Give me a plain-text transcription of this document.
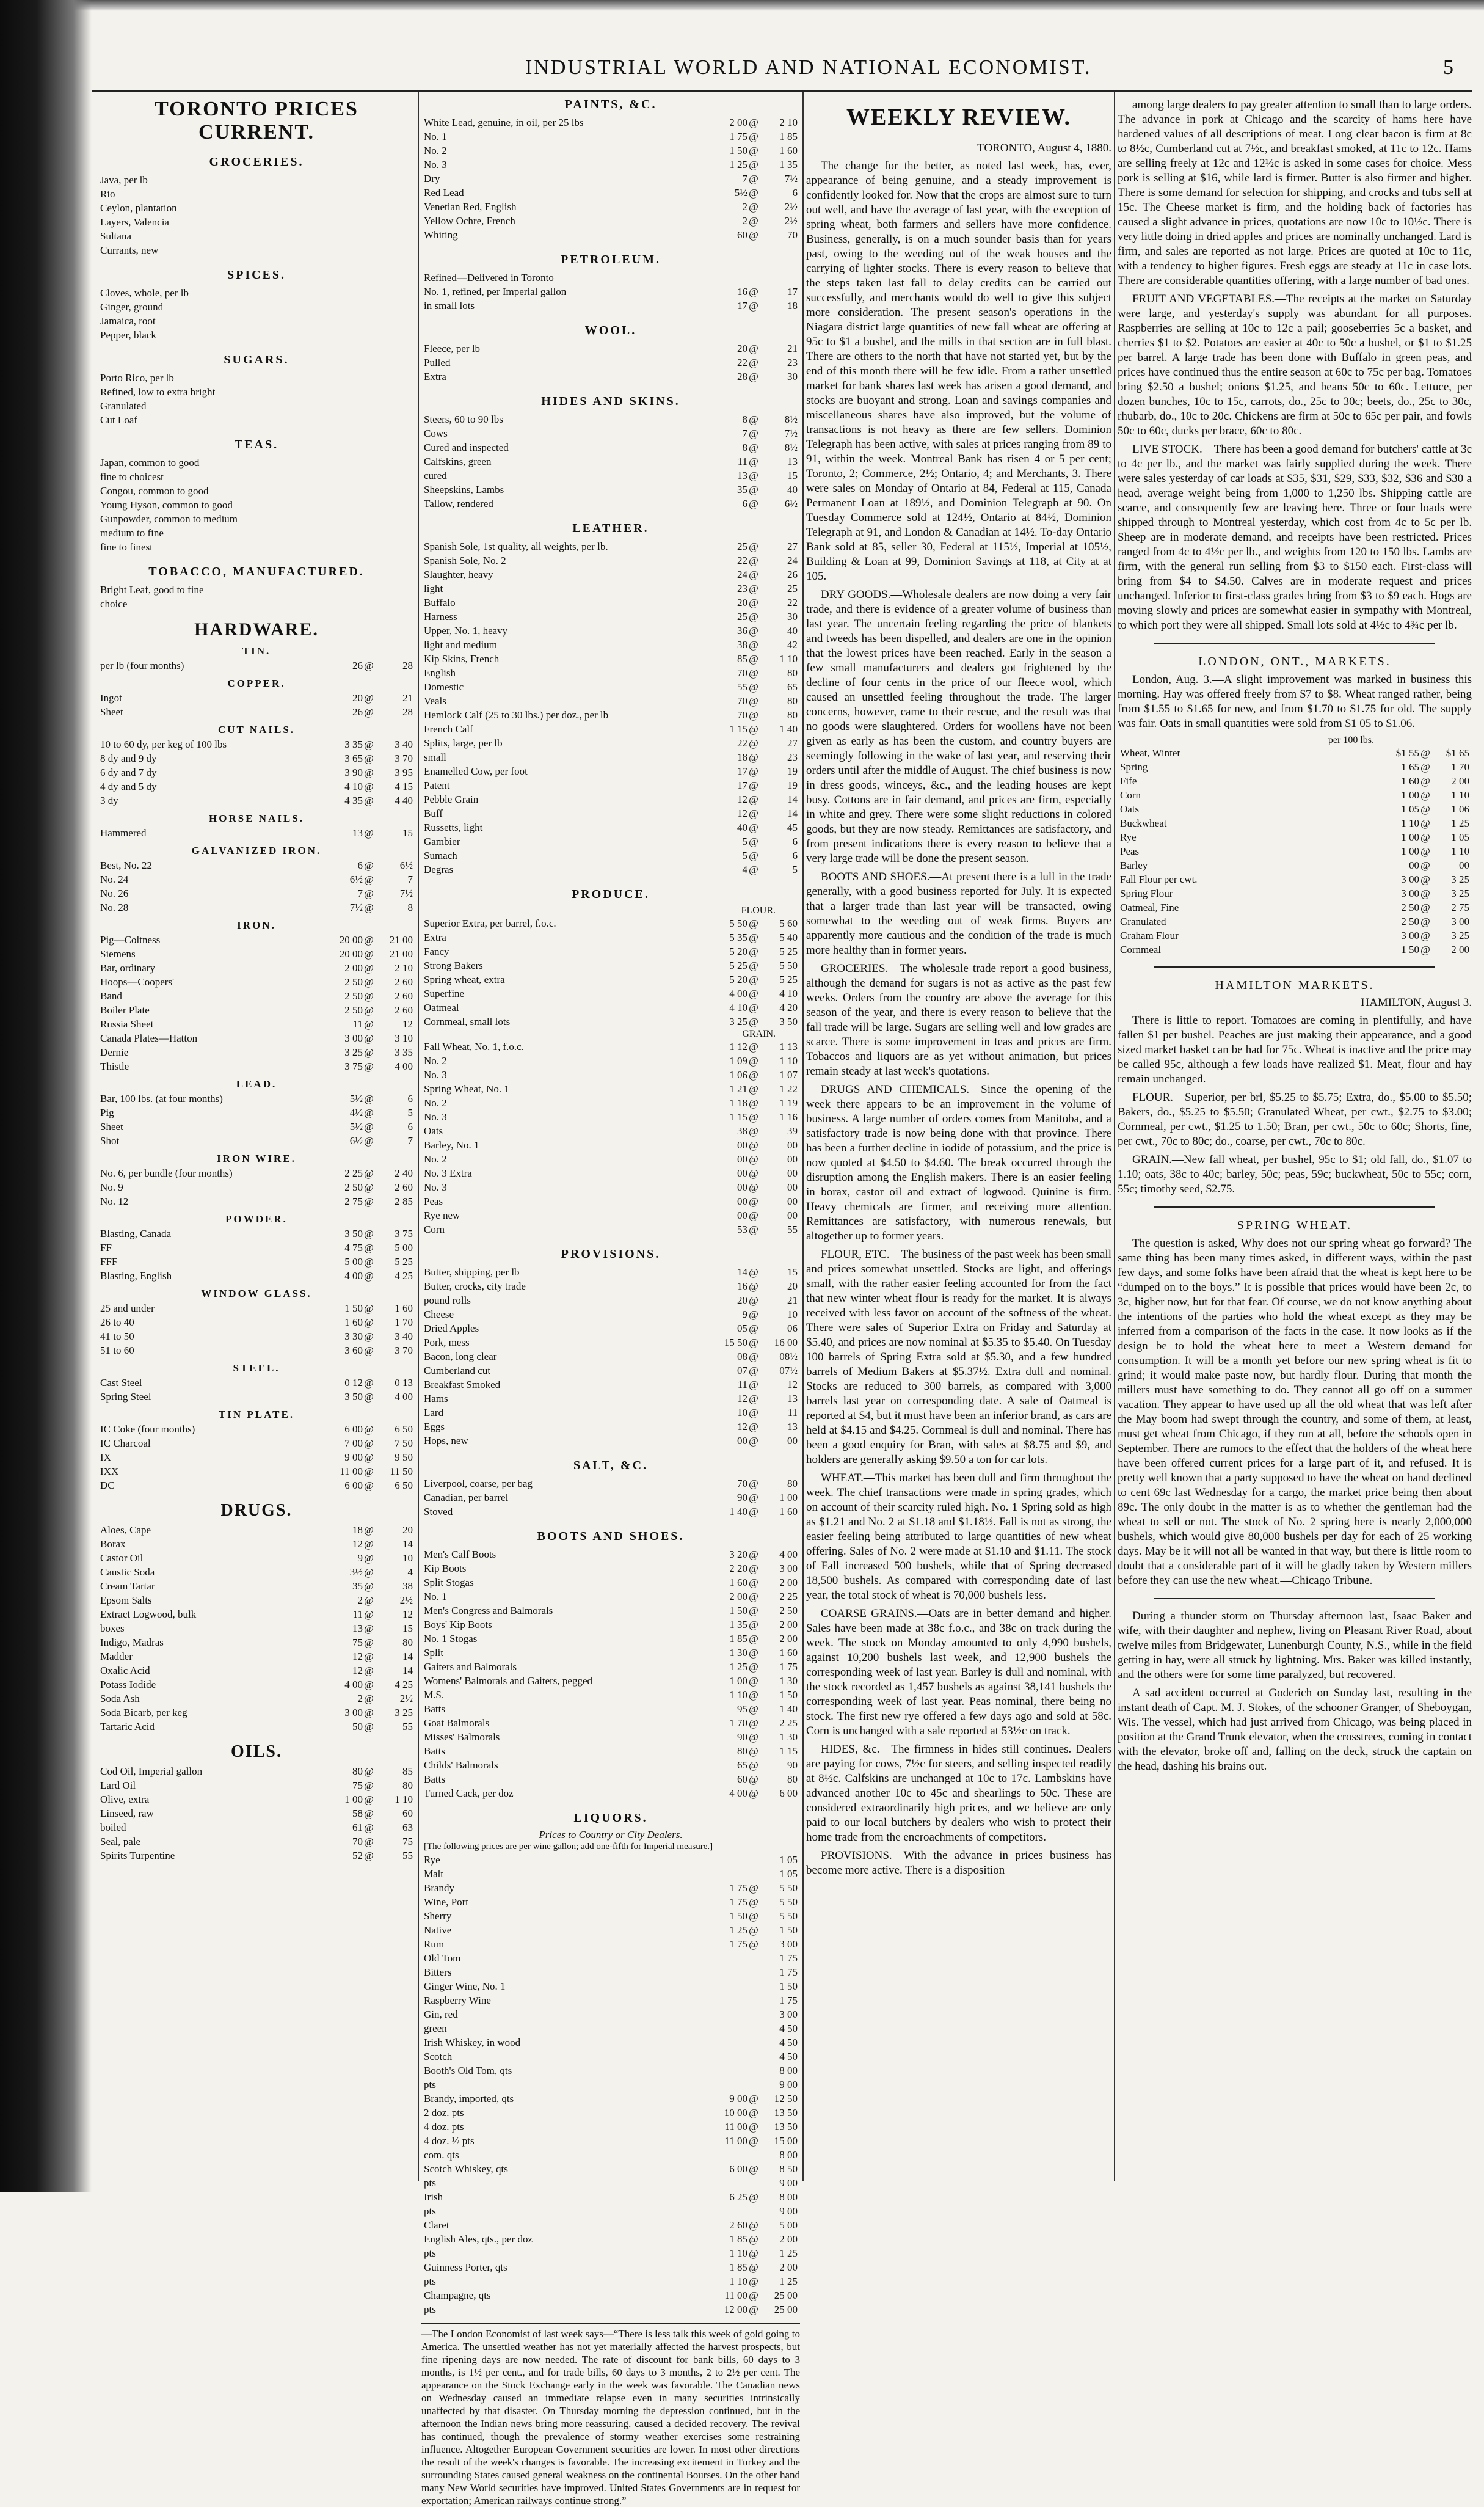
INDUSTRIAL WORLD AND NATIONAL ECONOMIST.	5
TORONTO PRICES CURRENT.
GROCERIES.
Java, per lb
Rio
Ceylon, plantation
Layers, Valencia
Sultana
Currants, new
SPICES.
Cloves, whole, per lb
Ginger, ground
Jamaica, root
Pepper, black
SUGARS.
Porto Rico, per lb
Refined, low to extra bright
Granulated
Cut Loaf
TEAS.
Japan, common to good
fine to choicest
Congou, common to good
Young Hyson, common to good
Gunpowder, common to medium
medium to fine
fine to finest
TOBACCO, MANUFACTURED.
Bright Leaf, good to fine
choice
HARDWARE.
TIN.
per lb (four months)	26 @	28
COPPER.
Ingot	20 @	21
Sheet	26 @	28
CUT NAILS.
10 to 60 dy, per keg of 100 lbs	3 35 @	3 40
8 dy and 9 dy	3 65 @	3 70
6 dy and 7 dy	3 90 @	3 95
4 dy and 5 dy	4 10 @	4 15
3 dy	4 35 @	4 40
HORSE NAILS.
Hammered	13 @	15
GALVANIZED IRON.
Best, No. 22	6 @	6½
No. 24	6½ @	7
No. 26	7 @	7½
No. 28	7½ @	8
IRON.
Pig—Coltness	20 00 @	21 00
Siemens	20 00 @	21 00
Bar, ordinary	2 00 @	2 10
Hoops—Coopers'	2 50 @	2 60
Band	2 50 @	2 60
Boiler Plate	2 50 @	2 60
Russia Sheet	11 @	12
Canada Plates—Hatton	3 00 @	3 10
Dernie	3 25 @	3 35
Thistle	3 75 @	4 00
LEAD.
Bar, 100 lbs. (at four months)	5½ @	6
Pig	4½ @	5
Sheet	5½ @	6
Shot	6½ @	7
IRON WIRE.
No. 6, per bundle (four months)	2 25 @	2 40
No. 9	2 50 @	2 60
No. 12	2 75 @	2 85
POWDER.
Blasting, Canada	3 50 @	3 75
FF	4 75 @	5 00
FFF	5 00 @	5 25
Blasting, English	4 00 @	4 25
WINDOW GLASS.
25 and under	1 50 @	1 60
26 to 40	1 60 @	1 70
41 to 50	3 30 @	3 40
51 to 60	3 60 @	3 70
STEEL.
Cast Steel	0 12 @	0 13
Spring Steel	3 50 @	4 00
TIN PLATE.
IC Coke (four months)	6 00 @	6 50
IC Charcoal	7 00 @	7 50
IX	9 00 @	9 50
IXX	11 00 @	11 50
DC	6 00 @	6 50
DRUGS.
Aloes, Cape	18 @	20
Borax	12 @	14
Castor Oil	9 @	10
Caustic Soda	3½ @	4
Cream Tartar	35 @	38
Epsom Salts	2 @	2½
Extract Logwood, bulk	11 @	12
boxes	13 @	15
Indigo, Madras	75 @	80
Madder	12 @	14
Oxalic Acid	12 @	14
Potass Iodide	4 00 @	4 25
Soda Ash	2 @	2½
Soda Bicarb, per keg	3 00 @	3 25
Tartaric Acid	50 @	55
OILS.
Cod Oil, Imperial gallon	80 @	85
Lard Oil	75 @	80
Olive, extra	1 00 @	1 10
Linseed, raw	58 @	60
boiled	61 @	63
Seal, pale	70 @	75
Spirits Turpentine	52 @	55
PAINTS, &C.
White Lead, genuine, in oil, per 25 lbs	2 00 @	2 10
No. 1	1 75 @	1 85
No. 2	1 50 @	1 60
No. 3	1 25 @	1 35
Dry	7 @	7½
Red Lead	5½ @	6
Venetian Red, English	2 @	2½
Yellow Ochre, French	2 @	2½
Whiting	60 @	70
PETROLEUM.
Refined—Delivered in Toronto
No. 1, refined, per Imperial gallon	16 @	17
in small lots	17 @	18
WOOL.
Fleece, per lb	20 @	21
Pulled	22 @	23
Extra	28 @	30
HIDES AND SKINS.
Steers, 60 to 90 lbs	8 @	8½
Cows	7 @	7½
Cured and inspected	8 @	8½
Calfskins, green	11 @	13
cured	13 @	15
Sheepskins, Lambs	35 @	40
Tallow, rendered	6 @	6½
LEATHER.
Spanish Sole, 1st quality, all weights, per lb.	25 @	27
Spanish Sole, No. 2	22 @	24
Slaughter, heavy	24 @	26
light	23 @	25
Buffalo	20 @	22
Harness	25 @	30
Upper, No. 1, heavy	36 @	40
light and medium	38 @	42
Kip Skins, French	85 @	1 10
English	70 @	80
Domestic	55 @	65
Veals	70 @	80
Hemlock Calf (25 to 30 lbs.) per doz., per lb	70 @	80
French Calf	1 15 @	1 40
Splits, large, per lb	22 @	27
small	18 @	23
Enamelled Cow, per foot	17 @	19
Patent	17 @	19
Pebble Grain	12 @	14
Buff	12 @	14
Russetts, light	40 @	45
Gambier	5 @	6
Sumach	5 @	6
Degras	4 @	5
PRODUCE.
FLOUR.
Superior Extra, per barrel, f.o.c.	5 50 @	5 60
Extra	5 35 @	5 40
Fancy	5 20 @	5 25
Strong Bakers	5 25 @	5 50
Spring wheat, extra	5 20 @	5 25
Superfine	4 00 @	4 10
Oatmeal	4 10 @	4 20
Cornmeal, small lots	3 25 @	3 50
GRAIN.
Fall Wheat, No. 1, f.o.c.	1 12 @	1 13
No. 2	1 09 @	1 10
No. 3	1 06 @	1 07
Spring Wheat, No. 1	1 21 @	1 22
No. 2	1 18 @	1 19
No. 3	1 15 @	1 16
Oats	38 @	39
Barley, No. 1	00 @	00
No. 2	00 @	00
No. 3 Extra	00 @	00
No. 3	00 @	00
Peas	00 @	00
Rye new	00 @	00
Corn	53 @	55
PROVISIONS.
Butter, shipping, per lb	14 @	15
Butter, crocks, city trade	16 @	20
pound rolls	20 @	21
Cheese	9 @	10
Dried Apples	05 @	06
Pork, mess	15 50 @	16 00
Bacon, long clear	08 @	08½
Cumberland cut	07 @	07½
Breakfast Smoked	11 @	12
Hams	12 @	13
Lard	10 @	11
Eggs	12 @	13
Hops, new	00 @	00
SALT, &C.
Liverpool, coarse, per bag	70 @	80
Canadian, per barrel	90 @	1 00
Stoved	1 40 @	1 60
BOOTS AND SHOES.
Men's Calf Boots	3 20 @	4 00
Kip Boots	2 20 @	3 00
Split Stogas	1 60 @	2 00
No. 1	2 00 @	2 25
Men's Congress and Balmorals	1 50 @	2 50
Boys' Kip Boots	1 35 @	2 00
No. 1 Stogas	1 85 @	2 00
Split	1 30 @	1 60
Gaiters and Balmorals	1 25 @	1 75
Womens' Balmorals and Gaiters, pegged	1 00 @	1 30
M.S.	1 10 @	1 50
Batts	95 @	1 40
Goat Balmorals	1 70 @	2 25
Misses' Balmorals	90 @	1 30
Batts	80 @	1 15
Childs' Balmorals	65 @	90
Batts	60 @	80
Turned Cack, per doz	4 00 @	6 00
LIQUORS.
Prices to Country or City Dealers.
[The following prices are per wine gallon; add one-fifth for Imperial measure.]
Rye	1 05
Malt	1 05
Brandy	1 75 @	5 50
Wine, Port	1 75 @	5 50
Sherry	1 50 @	5 50
Native	1 25 @	1 50
Rum	1 75 @	3 00
Old Tom	1 75
Bitters	1 75
Ginger Wine, No. 1	1 50
Raspberry Wine	1 75
Gin, red	3 00
green	4 50
Irish Whiskey, in wood	4 50
Scotch	4 50
Booth's Old Tom, qts	8 00
pts	9 00
Brandy, imported, qts	9 00 @	12 50
2 doz. pts	10 00 @	13 50
4 doz. pts	11 00 @	13 50
4 doz. ½ pts	11 00 @	15 00
com. qts	8 00
Scotch Whiskey, qts	6 00 @	8 50
pts	9 00
Irish	6 25 @	8 00
pts	9 00
Claret	2 60 @	5 00
English Ales, qts., per doz	1 85 @	2 00
pts	1 10 @	1 25
Guinness Porter, qts	1 85 @	2 00
pts	1 10 @	1 25
Champagne, qts	11 00 @	25 00
pts	12 00 @	25 00
—The London Economist of last week says—“There is less talk this week of gold going to America. The unsettled weather has not yet materially affected the harvest prospects, but fine ripening days are now needed. The rate of discount for bank bills, 60 days to 3 months, is 1½ per cent., and for trade bills, 60 days to 3 months, 2 to 2½ per cent. The appearance on the Stock Exchange early in the week was favorable. The Canadian news on Wednesday caused an immediate relapse even in many securities intrinsically unaffected by that disaster. On Thursday morning the depression continued, but in the afternoon the Indian news bring more reassuring, caused a decided recovery. The revival has continued, though the prevalence of stormy weather exercises some restraining influence. Altogether European Government securities are lower. In most other directions the result of the week's changes is favorable. The increasing excitement in Turkey and the surrounding States caused general weakness on the continental Bourses. On the other hand many New World securities have improved. United States Governments are in request for exportation; American railways continue strong.”
WEEKLY REVIEW.
TORONTO, August 4, 1880.

The change for the better, as noted last week, has, ever, appearance of being genuine, and a steady improvement is confidently looked for. Now that the crops are almost sure to turn out well, and have the average of last year, with the exception of spring wheat, both farmers and sellers have more confidence. Business, generally, is on a much sounder basis than for years past, owing to the weeding out of the weak houses and the carrying of lighter stocks. There is every reason to believe that the steps taken last fall to delay credits can be carried out successfully, and merchants would do well to give this subject more consideration. The present season's operations in the Niagara district large quantities of new fall wheat are offering at 95c to $1 a bushel, and the mills in that section are in full blast. There are others to the north that have not started yet, but by the end of this month there will be few idle. From a rather unsettled market for bank shares last week has arisen a good demand, and stocks are buoyant and strong. Loan and savings companies and miscellaneous shares have also improved, but the volume of transactions is not heavy as there are few sellers. Dominion Telegraph has been active, with sales at prices ranging from 89 to 91, within the week. Montreal Bank has risen 4 or 5 per cent; Toronto, 2; Commerce, 2½; Ontario, 4; and Merchants, 3. There were sales on Monday of Ontario at 84, Federal at 115, Canada Permanent Loan at 189½, and Dominion Telegraph at 90. On Tuesday Commerce sold at 124½, Ontario at 84½, Dominion Telegraph at 91, and London & Canadian at 14½. To-day Ontario Bank sold at 85, seller 30, Federal at 115½, Imperial at 105½, Building & Loan at 99, Dominion Savings at 118, at City at at 105.

DRY GOODS.—Wholesale dealers are now doing a very fair trade, and there is evidence of a greater volume of business than last year. The uncertain feeling regarding the price of blankets and tweeds has been dispelled, and dealers are one in the opinion that the lowest prices have been reached. Early in the season a few small manufacturers and dealers got frightened by the decline of four cents in the price of our fleece wool, which caused an unsettled feeling throughout the trade. The larger concerns, however, came to their rescue, and the result was that no goods were slaughtered. Orders for woollens have not been given as early as has been the custom, and country buyers are seemingly following in the wake of last year, and reserving their orders until after the middle of August. The chief business is now in dress goods, winceys, &c., and the leading houses are kept busy. Cottons are in fair demand, and prices are firm, especially in white and grey. There were some slight reductions in colored goods, but they are now steady. Remittances are satisfactory, and from present indications there is every reason to believe that a very large trade will be done the present season.

BOOTS AND SHOES.—At present there is a lull in the trade generally, with a good business reported for July. It is expected that a larger trade than last year will be transacted, owing somewhat to the weeding out of weak firms. Buyers are apparently more cautious and the condition of the trade is much more healthy than in former years.

GROCERIES.—The wholesale trade report a good business, although the demand for sugars is not as active as the past few weeks. Orders from the country are above the average for this season of the year, and there is every reason to believe that the fall trade will be large. Sugars are selling well and low grades are scarce. There is some improvement in teas and prices are firm. Tobaccos and liquors are as yet without animation, but prices remain steady at last week's quotations.

DRUGS AND CHEMICALS.—Since the opening of the week there appears to be an improvement in the volume of business. A large number of orders comes from Manitoba, and a satisfactory trade is now being done with that province. There has been a further decline in iodide of potassium, and the price is now quoted at $4.50 to $4.60. The break occurred through the disruption among the English makers. There is an easier feeling in borax, castor oil and extract of logwood. Quinine is firm. Heavy chemicals are firmer, and receiving more attention. Remittances are satisfactory, with numerous renewals, but altogether up to former years.

FLOUR, ETC.—The business of the past week has been small and prices somewhat unsettled. Stocks are light, and offerings small, with the rather easier feeling accounted for from the fact that new winter wheat flour is ready for the market. It is always received with less favor on account of the softness of the wheat. There were sales of Superior Extra on Friday and Saturday at $5.40, and prices are now nominal at $5.35 to $5.40. On Tuesday 100 barrels of Spring Extra sold at $5.30, and a few hundred barrels of Medium Bakers at $5.37½. Extra dull and nominal. Stocks are reduced to 300 barrels, as compared with 3,000 barrels last year on corresponding date. A sale of Oatmeal is reported at $4, but it must have been an inferior brand, as cars are held at $4.15 and $4.25. Cornmeal is dull and nominal. There has been a good enquiry for Bran, with sales at $8.75 and $9, and holders are generally asking $9.50 a ton for car lots.

WHEAT.—This market has been dull and firm throughout the week. The chief transactions were made in spring grades, which on account of their scarcity ruled high. No. 1 Spring sold as high as $1.21 and No. 2 at $1.18 and $1.18½. Fall is not as strong, the easier feeling being attributed to large quantities of new wheat offering. Sales of No. 2 were made at $1.10 and $1.11. The stock of Fall increased 500 bushels, while that of Spring decreased 18,500 bushels. As compared with corresponding date of last year, the total stock of wheat is 70,000 bushels less.

COARSE GRAINS.—Oats are in better demand and higher. Sales have been made at 38c f.o.c., and 38c on track during the week. The stock on Monday amounted to only 4,990 bushels, against 10,200 bushels last week, and 12,900 bushels the corresponding week of last year. Barley is dull and nominal, with the stock recorded as 1,457 bushels as against 38,141 bushels the corresponding week of last year. Peas nominal, there being no stock. The first new rye offered a few days ago and sold at 58c. Corn is unchanged with a sale reported at 53½c on track.

HIDES, &c.—The firmness in hides still continues. Dealers are paying for cows, 7½c for steers, and selling inspected readily at 8½c. Calfskins are unchanged at 10c to 17c. Lambskins have advanced another 10c to 45c and shearlings to 50c. These are considered extraordinarily high prices, and we believe are only paid to our local butchers by dealers who wish to protect their home trade from the encroachments of competitors.

PROVISIONS.—With the advance in prices business has become more active. There is a disposition

among large dealers to pay greater attention to small than to large orders. The advance in pork at Chicago and the scarcity of hams here have hardened values of all descriptions of meat. Long clear bacon is firm at 8c to 8½c, Cumberland cut at 7½c, and breakfast smoked, at 11c to 12c. Hams are selling freely at 12c and 12½c is asked in some cases for choice. Mess pork is selling at $16, while lard is firmer. Butter is also firmer and higher. There is some demand for selection for shipping, and crocks and tubs sell at 15c. The Cheese market is firm, and the holding back of factories has caused a slight advance in prices, quotations are now 10c to 10½c. There is very little doing in dried apples and prices are nominally unchanged. Lard is firm, and sales are reported as not large. Prices are quoted at 10c to 11c, with a tendency to higher figures. Fresh eggs are steady at 11c in case lots. There are considerable quantities offering, with a large number of bad ones.

FRUIT AND VEGETABLES.—The receipts at the market on Saturday were large, and yesterday's supply was abundant for all purposes. Raspberries are selling at 10c to 12c a pail; gooseberries 5c a basket, and cherries $1 to $2. Potatoes are easier at 40c to 50c a bushel, or $1 to $1.25 per barrel. A large trade has been done with Buffalo in green peas, and prices have continued thus the entire season at 60c to 75c per bag. Tomatoes bring $2.50 a bushel; onions $1.25, and beans 50c to 60c. Lettuce, per dozen bunches, 10c to 15c, carrots, do., 25c to 30c; beets, do., 25c to 30c, rhubarb, do., 10c to 20c. Chickens are firm at 50c to 65c per pair, and fowls 50c to 60c, ducks per brace, 60c to 80c.

LIVE STOCK.—There has been a good demand for butchers' cattle at 3c to 4c per lb., and the market was fairly supplied during the week. There were sales yesterday of car loads at $35, $31, $29, $33, $32, $36 and $30 a head, average weight being from 1,000 to 1,250 lbs. Shipping cattle are scarce, and consequently few are leaving here. Three or four loads were shipped through to Montreal yesterday, which cost from 4c to 5c per lb. Sheep are in moderate demand, and receipts have been restricted. Prices ranged from 4c to 4½c per lb., and weights from 120 to 150 lbs. Lambs are firm, with the general run selling from $3 to $150 each. First-class will bring from $4 to $4.50. Calves are in moderate request and prices unchanged. Inferior to first-class grades bring from $3 to $9 each. Hogs are moving slowly and prices are somewhat easier in sympathy with Montreal, to which port they were all shipped. Small lots sold at 4½c to 4¾c per lb.

LONDON, ONT., MARKETS.

London, Aug. 3.—A slight improvement was marked in business this morning. Hay was offered freely from $7 to $8. Wheat ranged rather, being from $1.55 to $1.65 for new, and from $1.70 to $1.75 for old. The supply was fair. Oats in small quantities were sold from $1 05 to $1.06.

per 100 lbs.
Wheat, Winter	$1 55 @	$1 65
Spring	1 65 @	1 70
Fife	1 60 @	2 00
Corn	1 00 @	1 10
Oats	1 05 @	1 06
Buckwheat	1 10 @	1 25
Rye	1 00 @	1 05
Peas	1 00 @	1 10
Barley	00 @	00
Fall Flour per cwt.	3 00 @	3 25
Spring Flour	3 00 @	3 25
Oatmeal, Fine	2 50 @	2 75
Granulated	2 50 @	3 00
Graham Flour	3 00 @	3 25
Cornmeal	1 50 @	2 00
HAMILTON MARKETS.
HAMILTON, August 3.

There is little to report. Tomatoes are coming in plentifully, and have fallen $1 per bushel. Peaches are just making their appearance, and a good sized market basket can be had for 75c. Wheat is inactive and the price may be called 95c, although a few loads have realized $1. Meat, flour and hay remain unchanged.

FLOUR.—Superior, per brl, $5.25 to $5.75; Extra, do., $5.00 to $5.50; Bakers, do., $5.25 to $5.50; Granulated Wheat, per cwt., $2.75 to $3.00; Cornmeal, per cwt., $1.25 to 1.50; Bran, per cwt., 50c to 60c; Shorts, fine, per cwt., 70c to 80c; do., coarse, per cwt., 70c to 80c.

GRAIN.—New fall wheat, per bushel, 95c to $1; old fall, do., $1.07 to 1.10; oats, 38c to 40c; barley, 50c; peas, 59c; buckwheat, 50c to 55c; corn, 55c; timothy seed, $2.75.

SPRING WHEAT.

The question is asked, Why does not our spring wheat go forward? The same thing has been many times asked, in different ways, within the past few days, and some folks have been afraid that the wheat is kept here to be “dumped on to the boys.” It is possible that prices would have been 2c, to 3c, higher now, but for that fear. Of course, we do not know anything about the intentions of the parties who hold the wheat except as they may be inferred from a comparison of the facts in the case. It now looks as if the design be to hold the wheat here to meet a Western demand for consumption. It will be a month yet before our new spring wheat is fit to grind; it would make paste now, but hardly flour. During that month the millers must have something to do. They cannot all go off on a summer vacation. They appear to have used up all the old wheat that was left after the May boom had swept through the country, and some of them, at least, must get wheat from Chicago, if they run at all, before the schools open in September. There are rumors to the effect that the holders of the wheat here have been offered current prices for a large part of it, and refused. It is pretty well known that a party supposed to have the wheat on hand declined to cent 69c last Wednesday for a cargo, the market price being then about 89c. The only doubt in the matter is as to whether the gentleman had the wheat to sell or not. The stock of No. 2 spring here is nearly 2,000,000 bushels, which would give 80,000 bushels per day for each of 25 working days. May be it will not all be wanted in that way, but there is little room to doubt that a considerable part of it will be gladly taken by Western millers before they can use the new wheat.—Chicago Tribune.

During a thunder storm on Thursday afternoon last, Isaac Baker and wife, with their daughter and nephew, living on Pleasant River Road, about twelve miles from Bridgewater, Lunenburgh County, N.S., while in the field getting in hay, were all struck by lightning. Mrs. Baker was killed instantly, and the others were for some time paralyzed, but recovered.

A sad accident occurred at Goderich on Sunday last, resulting in the instant death of Capt. M. J. Stokes, of the schooner Granger, of Sheboygan, Wis. The vessel, which had just arrived from Chicago, was being placed in position at the Grand Trunk elevator, when the crosstrees, coming in contact with the elevator, broke off and, falling on the deck, struck the captain on the head, dashing his brains out.
